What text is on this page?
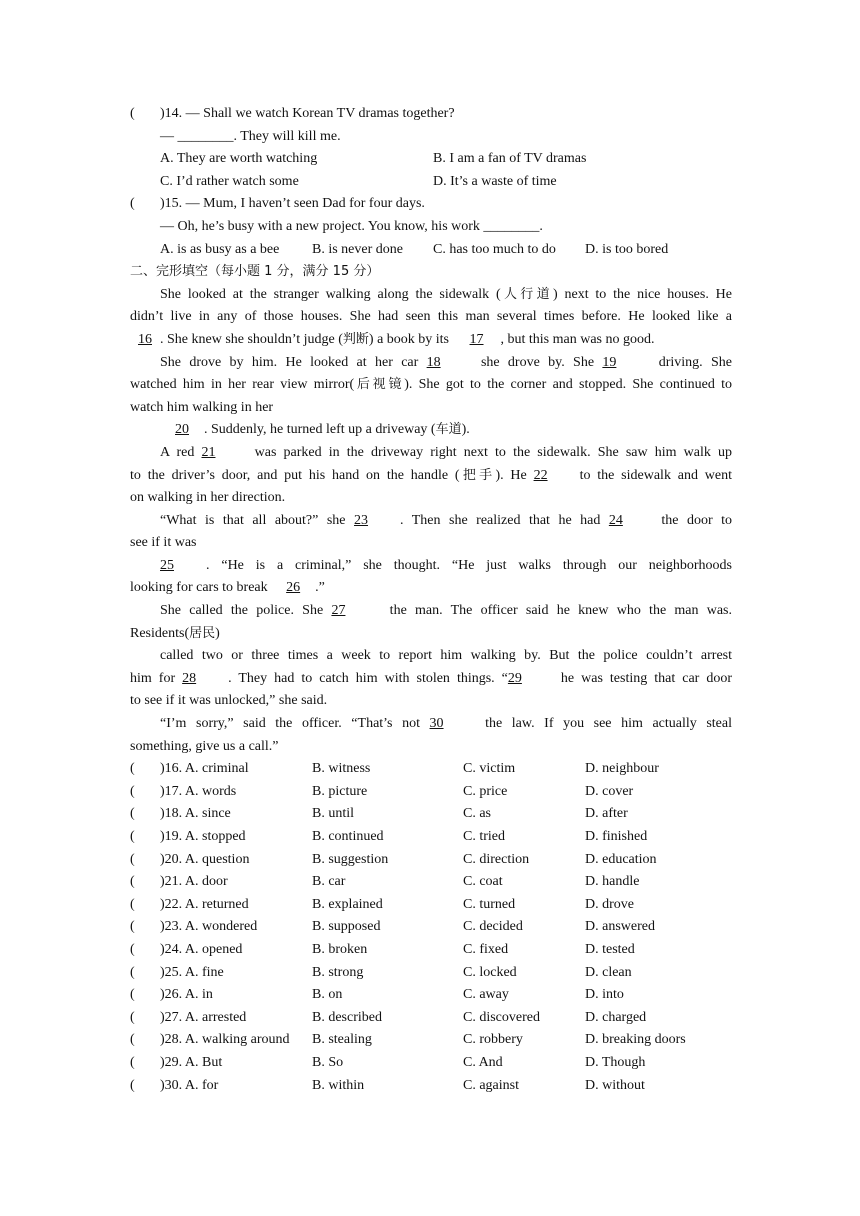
( )14. — Shall we watch Korean TV dramas together?
— ________. They will kill me.
A. They are worth watching	B. I am a fan of TV dramas
C. I’d rather watch some	D. It’s a waste of time
( )15. — Mum, I haven’t seen Dad for four days.
— Oh, he’s busy with a new project. You know, his work ________.
A. is as busy as a bee B. is never done C. has too much to do D. is too bored
二、完形填空（每小题 1 分，满分 15 分）
She looked at the stranger walking along the sidewalk (人行道) next to the nice houses. He
didn’t live in any of those houses. She had seen this man several times before. He looked like a
16 . She knew she shouldn’t judge (判断) a book by its 17 , but this man was no good.
She drove by him. He looked at her car 18 she drove by. She 19 driving. She
watched him in her rear view mirror(后视镜). She got to the corner and stopped. She continued to
watch him walking in her
20 . Suddenly, he turned left up a driveway (车道).
A red 21 was parked in the driveway right next to the sidewalk. She saw him walk up
to the driver’s door, and put his hand on the handle (把手). He 22 to the sidewalk and went
on walking in her direction.
“What is that all about?” she 23 . Then she realized that he had 24 the door to
see if it was
25 . “He is a criminal,” she thought. “He just walks through our neighborhoods
looking for cars to break 26 .”
She called the police. She 27	the man. The officer said he knew who the man was.
Residents(居民)
called two or three times a week to report him walking by. But the police couldn’t arrest
him for 28 . They had to catch him with stolen things. “29 he was testing that car door
to see if it was unlocked,” she said.
“I’m sorry,” said the officer. “That’s not 30 the law. If you see him actually steal
something, give us a call.”
( )16. A. criminal	B. witness	C. victim	D. neighbour
( )17. A. words	B. picture	C. price	D. cover
( )18. A. since	B. until	C. as	D. after
( )19. A. stopped	B. continued	C. tried	D. finished
( )20. A. question	B. suggestion	C. direction	D. education
( )21. A. door	B. car	C. coat	D. handle
( )22. A. returned	B. explained	C. turned	D. drove
( )23. A. wondered	B. supposed	C. decided	D. answered
( )24. A. opened	B. broken	C. fixed	D. tested
( )25. A. fine	B. strong	C. locked	D. clean
( )26. A. in	B. on	C. away	D. into
( )27. A. arrested	B. described	C. discovered	D. charged
( )28. A. walking around B. stealing	C. robbery	D. breaking doors
( )29. A. But	B. So	C. And	D. Though
( )30. A. for	B. within	C. against	D. without
